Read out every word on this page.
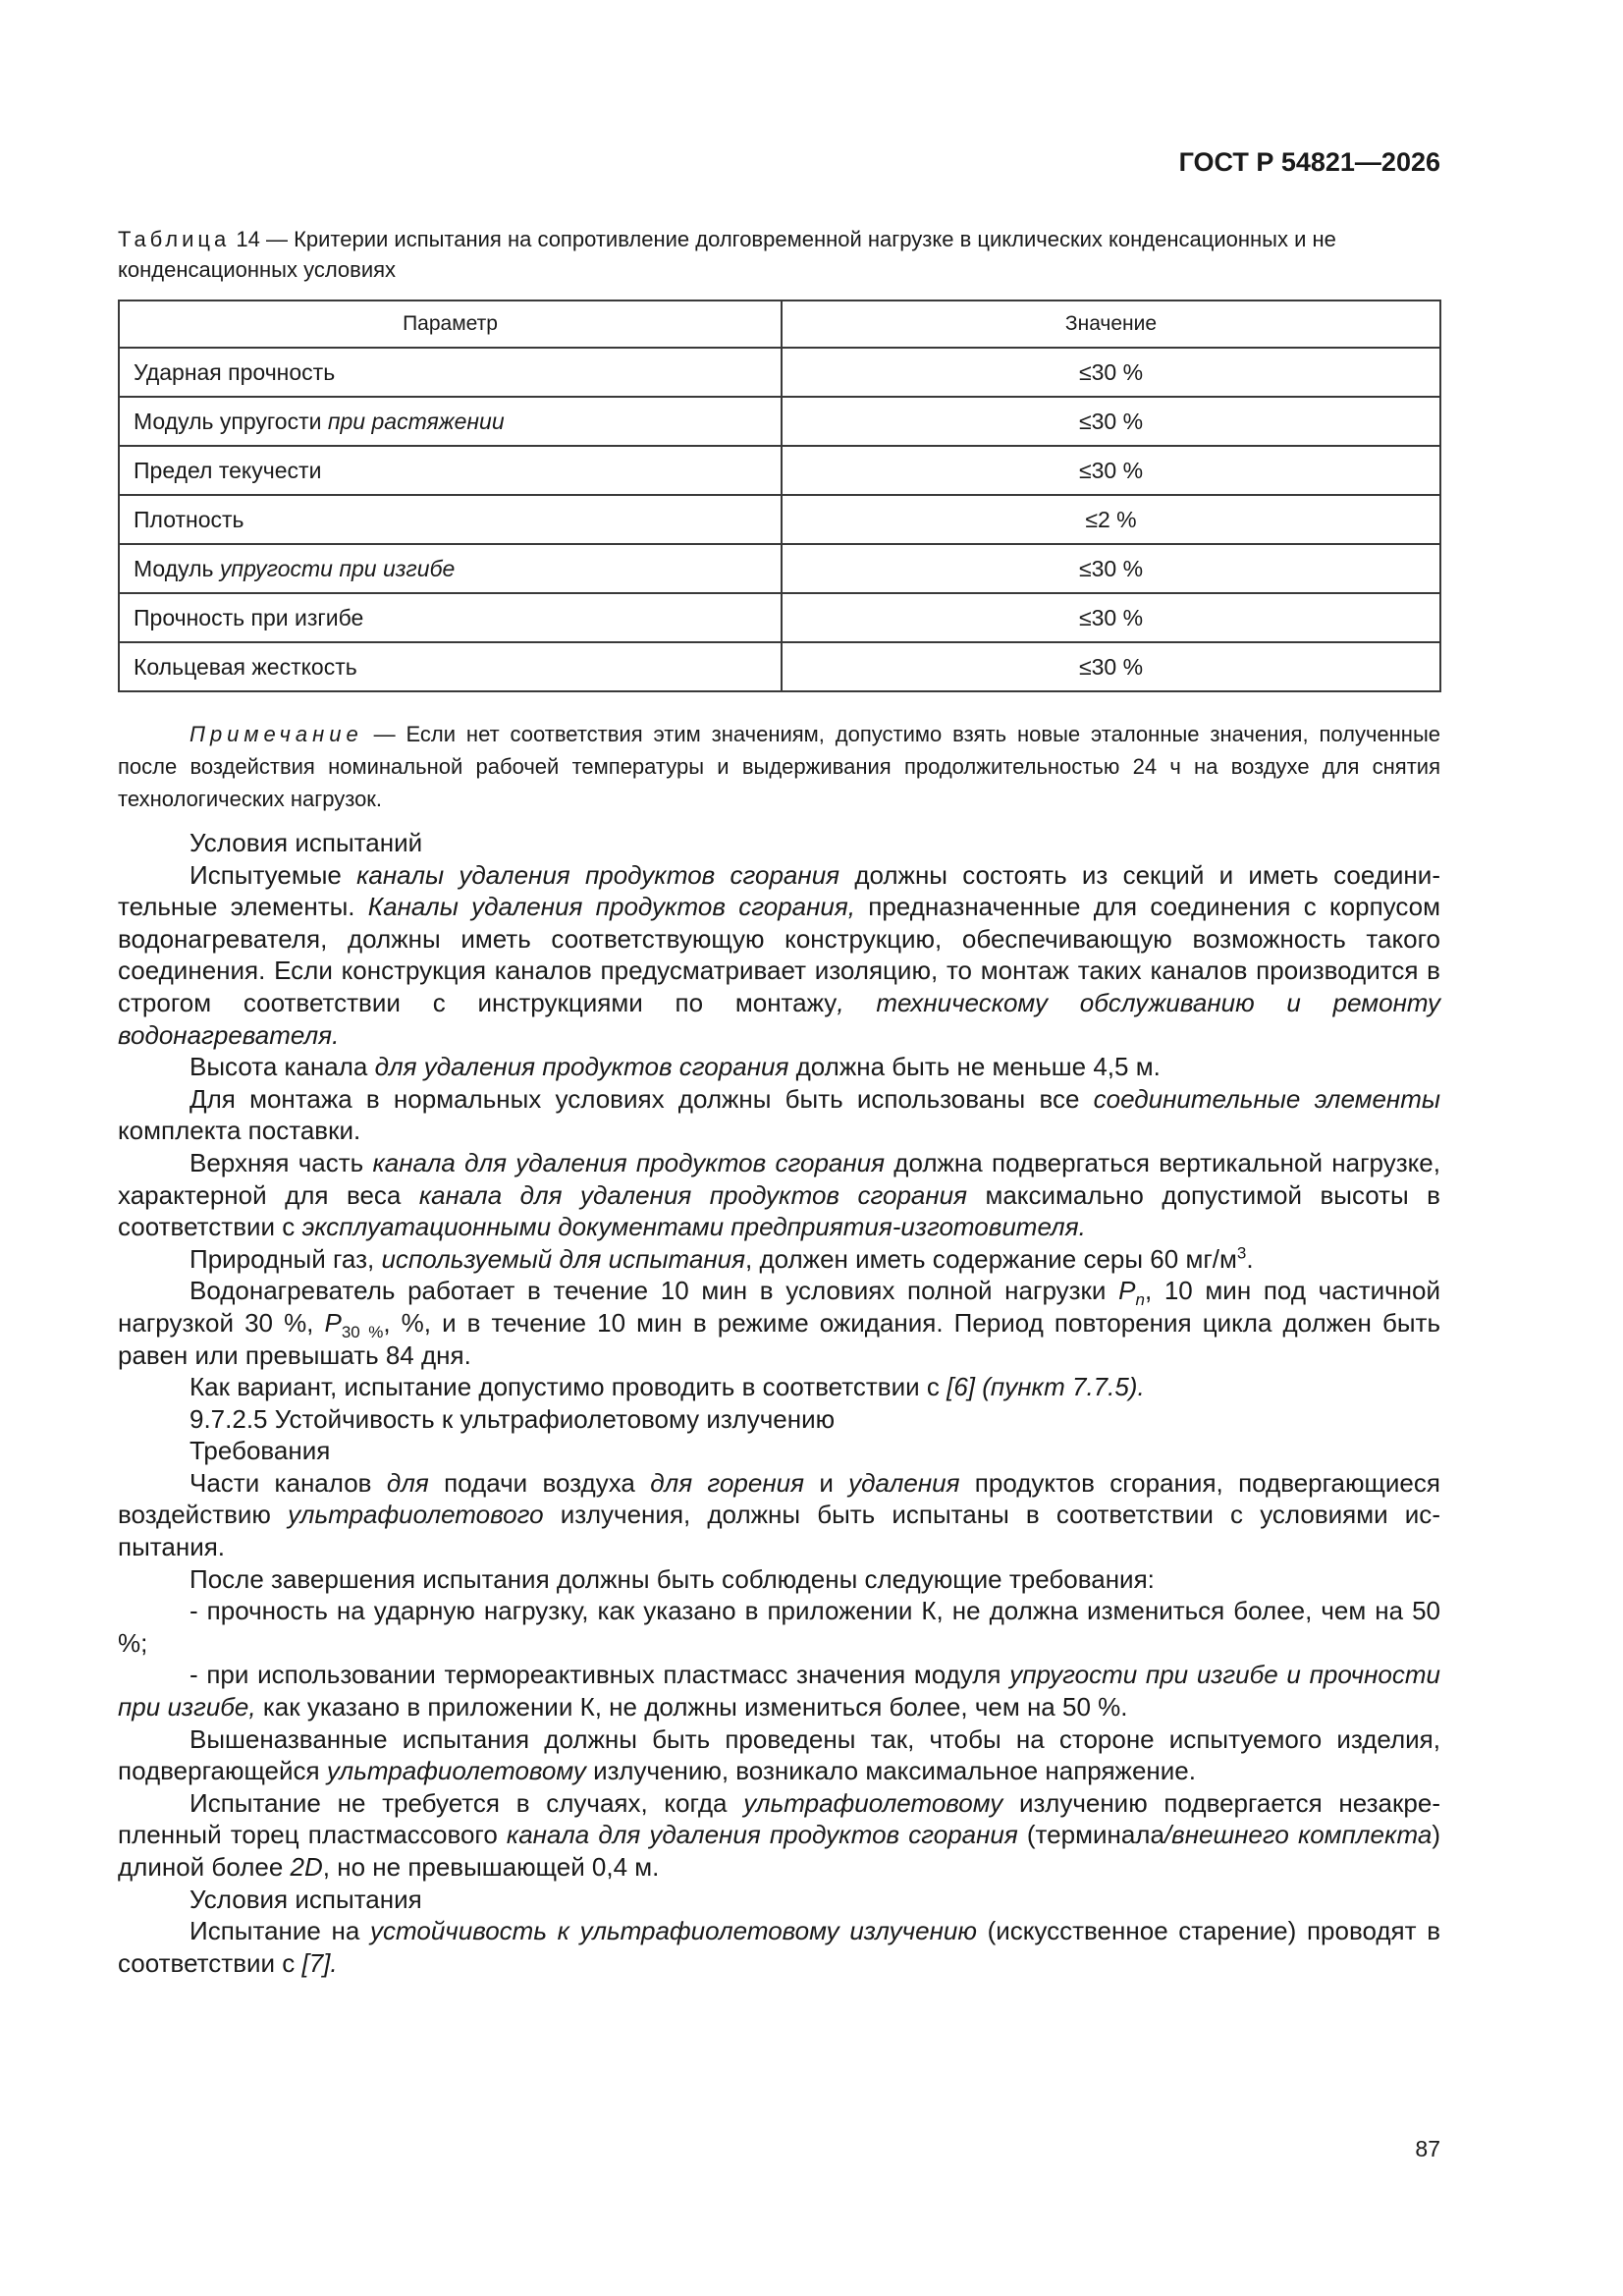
ГОСТ Р 54821—2026
Таблица 14 — Критерии испытания на сопротивление долговременной нагрузке в циклических конденсационных и не конденсационных условиях
Параметр	Значение
Ударная прочность	≤30 %
Модуль упругости при растяжении	≤30 %
Предел текучести	≤30 %
Плотность	≤2 %
Модуль упругости при изгибе	≤30 %
Прочность при изгибе	≤30 %
Кольцевая жесткость	≤30 %
Примечание — Если нет соответствия этим значениям, допустимо взять новые эталонные значения, полученные после воздействия номинальной рабочей температуры и выдерживания продолжительностью 24 ч на воздухе для снятия технологических нагрузок.

Условия испытаний

Испытуемые каналы удаления продуктов сгорания должны состоять из секций и иметь соединительные элементы. Каналы удаления продуктов сгорания, предназначенные для соединения с корпусом водонагревателя, должны иметь соответствующую конструкцию, обеспечивающую возможность такого соединения. Если конструкция каналов предусматривает изоляцию, то монтаж таких каналов производится в строгом соответствии с инструкциями по монтажу, техническому обслуживанию и ремонту водонагревателя.

Высота канала для удаления продуктов сгорания должна быть не меньше 4,5 м.

Для монтажа в нормальных условиях должны быть использованы все соединительные элементы комплекта поставки.

Верхняя часть канала для удаления продуктов сгорания должна подвергаться вертикальной нагрузке, характерной для веса канала для удаления продуктов сгорания максимально допустимой высоты в соответствии с эксплуатационными документами предприятия-изготовителя.

Природный газ, используемый для испытания, должен иметь содержание серы 60 $мг/м^3$.

Водонагреватель работает в течение 10 мин в условиях полной нагрузки $P_n$, 10 мин под частичной нагрузкой 30 %, $P_{30 \%}$, %, и в течение 10 мин в режиме ожидания. Период повторения цикла должен быть равен или превышать 84 дня.

Как вариант, испытание допустимо проводить в соответствии с [6] (пункт 7.7.5).

9.7.2.5 Устойчивость к ультрафиолетовому излучению

Требования

Части каналов для подачи воздуха для горения и удаления продуктов сгорания, подвергающиеся воздействию ультрафиолетового излучения, должны быть испытаны в соответствии с условиями испытания.

После завершения испытания должны быть соблюдены следующие требования:

- прочность на ударную нагрузку, как указано в приложении К, не должна измениться более, чем на 50 %;

- при использовании термореактивных пластмасс значения модуля упругости при изгибе и прочности при изгибе, как указано в приложении К, не должны измениться более, чем на 50 %.

Вышеназванные испытания должны быть проведены так, чтобы на стороне испытуемого изделия, подвергающейся ультрафиолетовому излучению, возникало максимальное напряжение.

Испытание не требуется в случаях, когда ультрафиолетовому излучению подвергается незакрепленный торец пластмассового канала для удаления продуктов сгорания (терминала/внешнего комплекта) длиной более 2D, но не превышающей 0,4 м.

Условия испытания

Испытание на устойчивость к ультрафиолетовому излучению (искусственное старение) проводят в соответствии с [7].

87
